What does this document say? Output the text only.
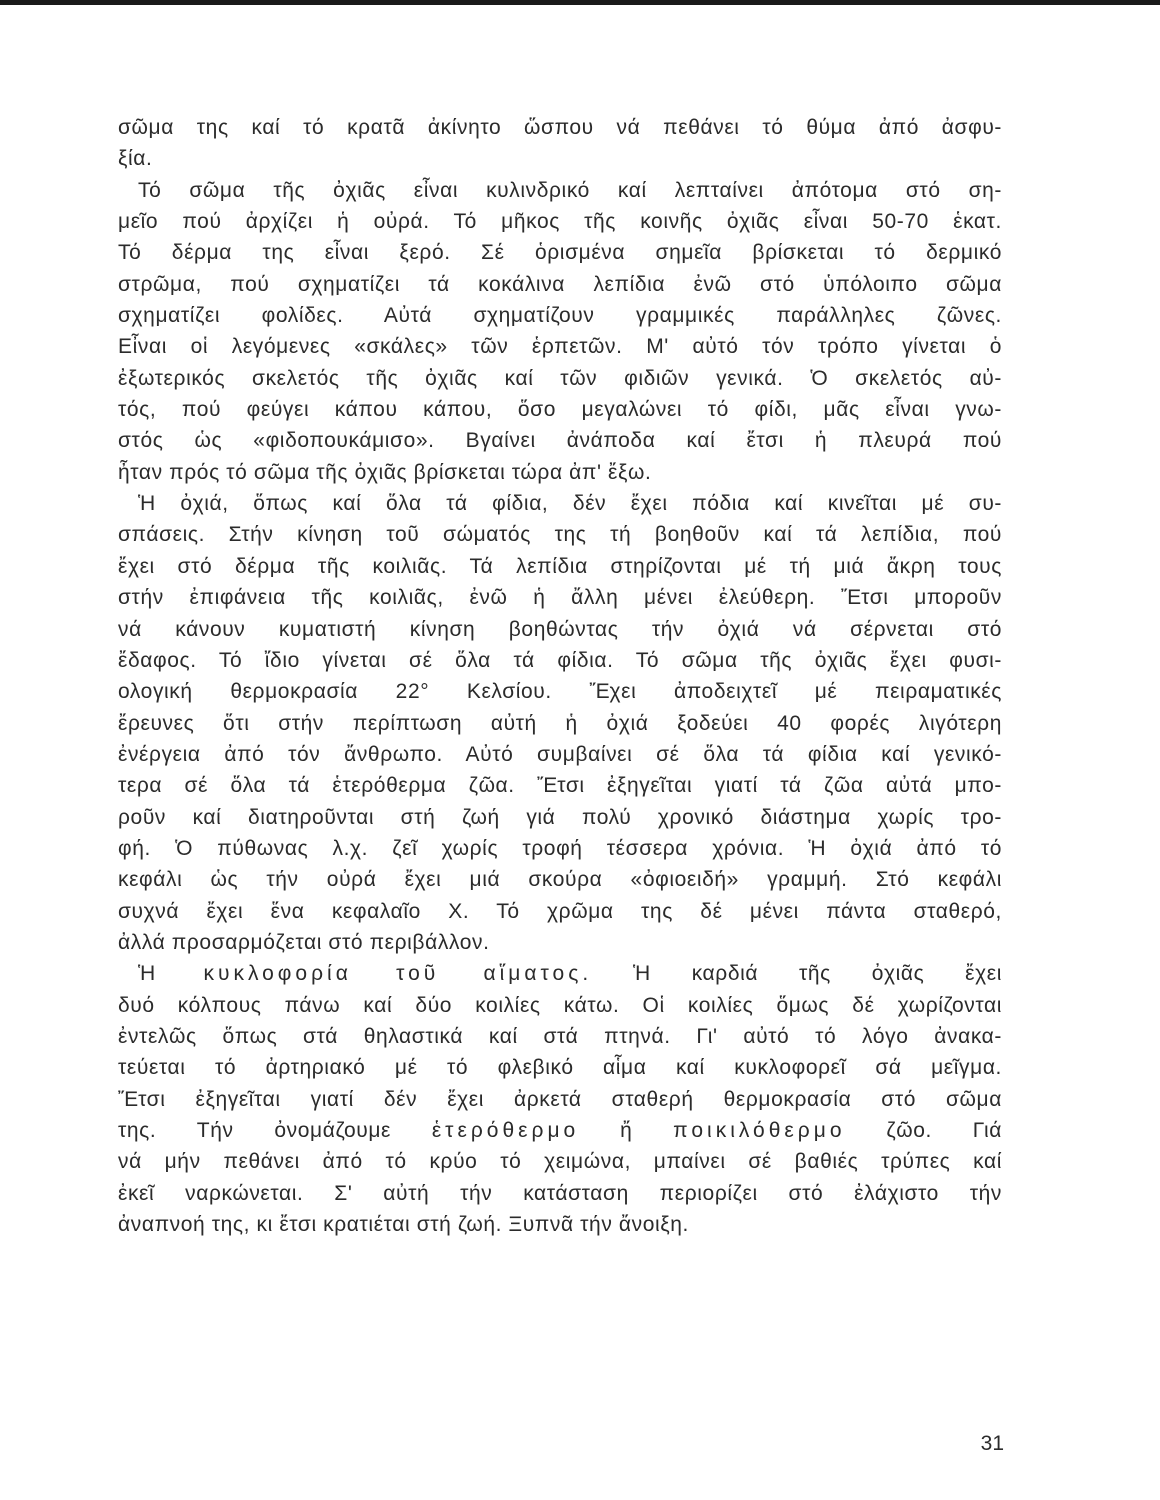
σῶμα της καί τό κρατᾶ ἀκίνητο ὥσπου νά πεθάνει τό θύμα ἀπό ἀσφυ-
ξία.
Τό σῶμα τῆς ὀχιᾶς εἶναι κυλινδρικό καί λεπταίνει ἀπότομα στό ση-
μεῖο πού ἀρχίζει ἡ οὐρά. Τό μῆκος τῆς κοινῆς ὀχιᾶς εἶναι 50-70 ἑκατ.
Τό δέρμα της εἶναι ξερό. Σέ ὁρισμένα σημεῖα βρίσκεται τό δερμικό
στρῶμα, πού σχηματίζει τά κοκάλινα λεπίδια ἐνῶ στό ὑπόλοιπο σῶμα
σχηματίζει φολίδες. Αὐτά σχηματίζουν γραμμικές παράλληλες ζῶνες.
Εἶναι οἱ λεγόμενες «σκάλες» τῶν ἑρπετῶν. Μ' αὐτό τόν τρόπο γίνεται ὁ
ἐξωτερικός σκελετός τῆς ὀχιᾶς καί τῶν φιδιῶν γενικά. Ὁ σκελετός αὐ-
τός, πού φεύγει κάπου κάπου, ὅσο μεγαλώνει τό φίδι, μᾶς εἶναι γνω-
στός ὡς «φιδοπουκάμισο». Βγαίνει ἀνάποδα καί ἔτσι ἡ πλευρά πού
ἦταν πρός τό σῶμα τῆς ὀχιᾶς βρίσκεται τώρα ἀπ' ἔξω.
Ἡ ὀχιά, ὅπως καί ὅλα τά φίδια, δέν ἔχει πόδια καί κινεῖται μέ συ-
σπάσεις. Στήν κίνηση τοῦ σώματός της τή βοηθοῦν καί τά λεπίδια, πού
ἔχει στό δέρμα τῆς κοιλιᾶς. Τά λεπίδια στηρίζονται μέ τή μιά ἄκρη τους
στήν ἐπιφάνεια τῆς κοιλιᾶς, ἐνῶ ἡ ἄλλη μένει ἐλεύθερη. Ἔτσι μποροῦν
νά κάνουν κυματιστή κίνηση βοηθώντας τήν ὀχιά νά σέρνεται στό
ἔδαφος. Τό ἴδιο γίνεται σέ ὅλα τά φίδια. Τό σῶμα τῆς ὀχιᾶς ἔχει φυσι-
ολογική θερμοκρασία 22° Κελσίου. Ἔχει ἀποδειχτεῖ μέ πειραματικές
ἔρευνες ὅτι στήν περίπτωση αὐτή ἡ ὀχιά ξοδεύει 40 φορές λιγότερη
ἐνέργεια ἀπό τόν ἄνθρωπο. Αὐτό συμβαίνει σέ ὅλα τά φίδια καί γενικό-
τερα σέ ὅλα τά ἑτερόθερμα ζῶα. Ἔτσι ἐξηγεῖται γιατί τά ζῶα αὐτά μπο-
ροῦν καί διατηροῦνται στή ζωή γιά πολύ χρονικό διάστημα χωρίς τρο-
φή. Ὁ πύθωνας λ.χ. ζεῖ χωρίς τροφή τέσσερα χρόνια. Ἡ ὀχιά ἀπό τό
κεφάλι ὡς τήν οὐρά ἔχει μιά σκούρα «ὀφιοειδή» γραμμή. Στό κεφάλι
συχνά ἔχει ἕνα κεφαλαῖο Χ. Τό χρῶμα της δέ μένει πάντα σταθερό,
ἀλλά προσαρμόζεται στό περιβάλλον.
Ἡ κυκλοφορία τοῦ αἵματος. Ἡ καρδιά τῆς ὀχιᾶς ἔχει
δυό κόλπους πάνω καί δύο κοιλίες κάτω. Οἱ κοιλίες ὅμως δέ χωρίζονται
ἐντελῶς ὅπως στά θηλαστικά καί στά πτηνά. Γι' αὐτό τό λόγο ἀνακα-
τεύεται τό ἀρτηριακό μέ τό φλεβικό αἷμα καί κυκλοφορεῖ σά μεῖγμα.
Ἔτσι ἐξηγεῖται γιατί δέν ἔχει ἀρκετά σταθερή θερμοκρασία στό σῶμα
της. Τήν ὀνομάζουμε ἑτερόθερμο ἤ ποικιλόθερμο ζῶο. Γιά
νά μήν πεθάνει ἀπό τό κρύο τό χειμώνα, μπαίνει σέ βαθιές τρύπες καί
ἐκεῖ ναρκώνεται. Σ' αὐτή τήν κατάσταση περιορίζει στό ἐλάχιστο τήν
ἀναπνοή της, κι ἔτσι κρατιέται στή ζωή. Ξυπνᾶ τήν ἄνοιξη.
31
